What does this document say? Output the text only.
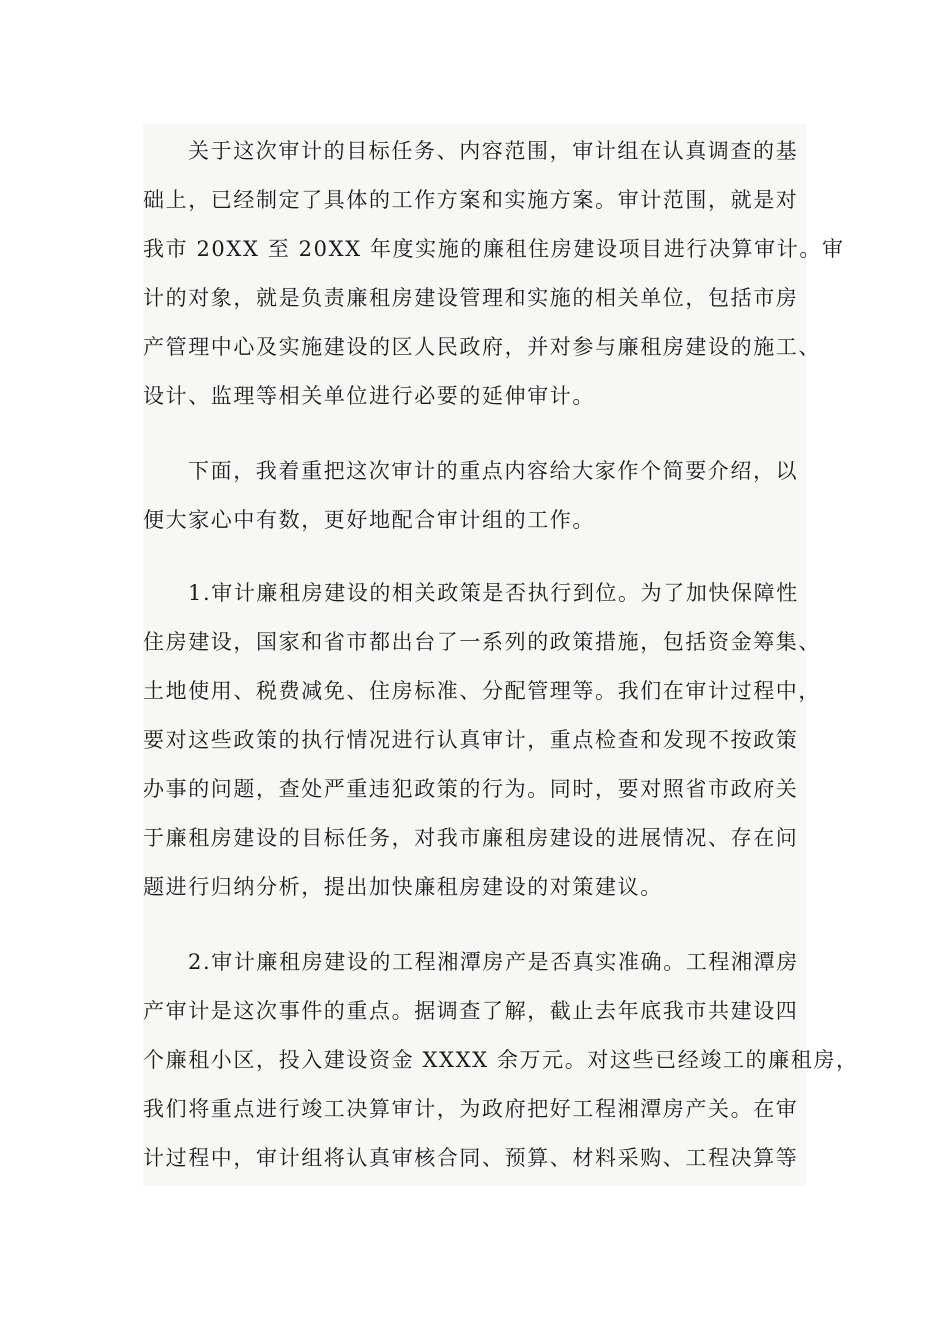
关于这次审计的目标任务、内容范围，审计组在认真调查的基
础上，已经制定了具体的工作方案和实施方案。审计范围，就是对
我市 20XX 至 20XX 年度实施的廉租住房建设项目进行决算审计。审
计的对象，就是负责廉租房建设管理和实施的相关单位，包括市房
产管理中心及实施建设的区人民政府，并对参与廉租房建设的施工、
设计、监理等相关单位进行必要的延伸审计。
下面，我着重把这次审计的重点内容给大家作个简要介绍，以
便大家心中有数，更好地配合审计组的工作。
1.审计廉租房建设的相关政策是否执行到位。为了加快保障性
住房建设，国家和省市都出台了一系列的政策措施，包括资金筹集、
土地使用、税费减免、住房标准、分配管理等。我们在审计过程中，
要对这些政策的执行情况进行认真审计，重点检查和发现不按政策
办事的问题，查处严重违犯政策的行为。同时，要对照省市政府关
于廉租房建设的目标任务，对我市廉租房建设的进展情况、存在问
题进行归纳分析，提出加快廉租房建设的对策建议。
2.审计廉租房建设的工程湘潭房产是否真实准确。工程湘潭房
产审计是这次事件的重点。据调查了解，截止去年底我市共建设四
个廉租小区，投入建设资金 XXXX 余万元。对这些已经竣工的廉租房，
我们将重点进行竣工决算审计，为政府把好工程湘潭房产关。在审
计过程中，审计组将认真审核合同、预算、材料采购、工程决算等
